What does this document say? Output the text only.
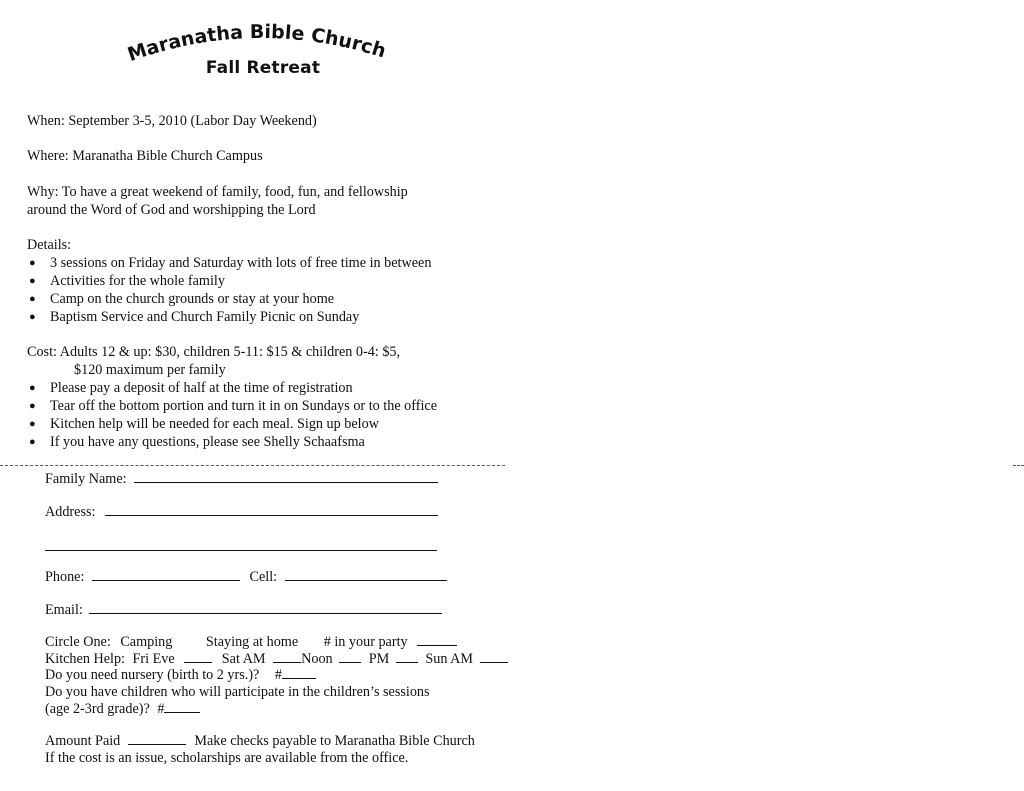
Maranatha Bible Church
Fall Retreat
When: September 3-5, 2010 (Labor Day Weekend)
Where: Maranatha Bible Church Campus
Why: To have a great weekend of family, food, fun, and fellowship
around the Word of God and worshipping the Lord
Details:
● 3 sessions on Friday and Saturday with lots of free time in between
● Activities for the whole family
● Camp on the church grounds or stay at your home
● Baptism Service and Church Family Picnic on Sunday
Cost: Adults 12 & up: $30, children 5-11: $15 & children 0-4: $5,
$120 maximum per family
● Please pay a deposit of half at the time of registration
● Tear off the bottom portion and turn it in on Sundays or to the office
● Kitchen help will be needed for each meal. Sign up below
● If you have any questions, please see Shelly Schaafsma
Family Name:
Address:
Phone:	Cell:
Email:
Circle One: Camping Staying at home # in your party
Kitchen Help: Fri Eve	Sat AM	Noon	PM	Sun AM
Do you need nursery (birth to 2 yrs.)? #
Do you have children who will participate in the children’s sessions
(age 2-3rd grade)? #
Amount Paid	Make checks payable to Maranatha Bible Church
If the cost is an issue, scholarships are available from the office.
